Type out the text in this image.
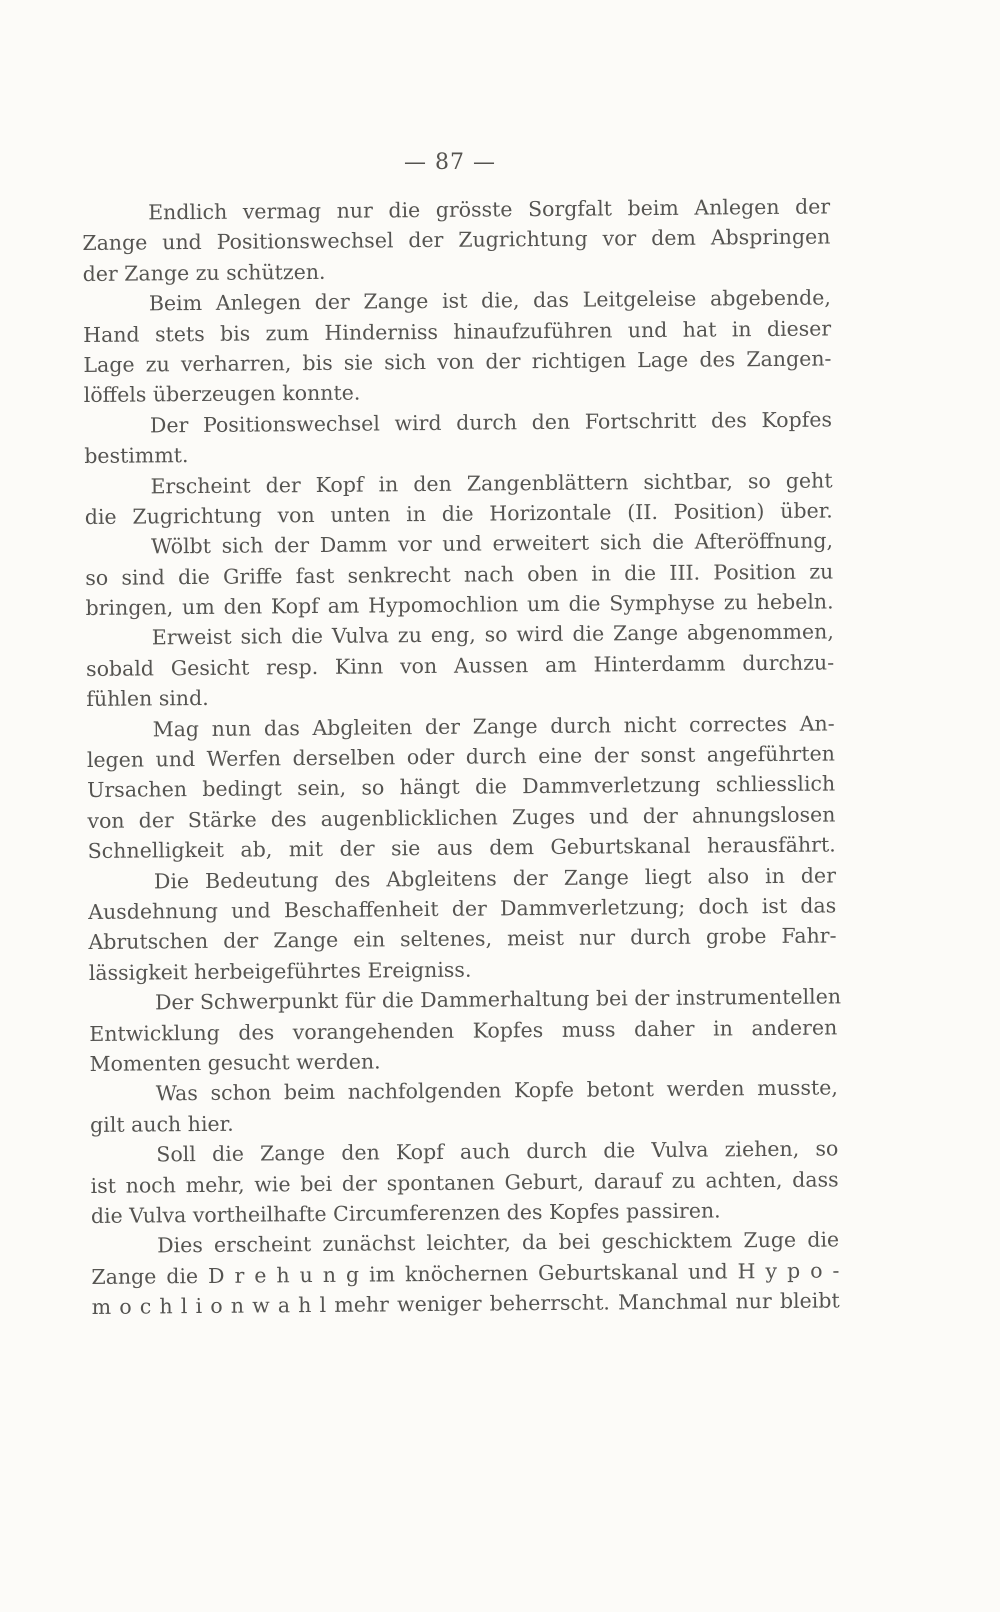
— 87 —
Endlich vermag nur die grösste Sorgfalt beim Anlegen der
Zange und Positionswechsel der Zugrichtung vor dem Abspringen
der Zange zu schützen.
Beim Anlegen der Zange ist die, das Leitgeleise abgebende,
Hand stets bis zum Hinderniss hinaufzuführen und hat in dieser
Lage zu verharren, bis sie sich von der richtigen Lage des Zangen-
löffels überzeugen konnte.
Der Positionswechsel wird durch den Fortschritt des Kopfes
bestimmt.
Erscheint der Kopf in den Zangenblättern sichtbar, so geht
die Zugrichtung von unten in die Horizontale (II. Position) über.
Wölbt sich der Damm vor und erweitert sich die Afteröffnung,
so sind die Griffe fast senkrecht nach oben in die III. Position zu
bringen, um den Kopf am Hypomochlion um die Symphyse zu hebeln.
Erweist sich die Vulva zu eng, so wird die Zange abgenommen,
sobald Gesicht resp. Kinn von Aussen am Hinterdamm durchzu-
fühlen sind.
Mag nun das Abgleiten der Zange durch nicht correctes An-
legen und Werfen derselben oder durch eine der sonst angeführten
Ursachen bedingt sein, so hängt die Dammverletzung schliesslich
von der Stärke des augenblicklichen Zuges und der ahnungslosen
Schnelligkeit ab, mit der sie aus dem Geburtskanal herausfährt.
Die Bedeutung des Abgleitens der Zange liegt also in der
Ausdehnung und Beschaffenheit der Dammverletzung; doch ist das
Abrutschen der Zange ein seltenes, meist nur durch grobe Fahr-
lässigkeit herbeigeführtes Ereigniss.
Der Schwerpunkt für die Dammerhaltung bei der instrumentellen
Entwicklung des vorangehenden Kopfes muss daher in anderen
Momenten gesucht werden.
Was schon beim nachfolgenden Kopfe betont werden musste,
gilt auch hier.
Soll die Zange den Kopf auch durch die Vulva ziehen, so
ist noch mehr, wie bei der spontanen Geburt, darauf zu achten, dass
die Vulva vortheilhafte Circumferenzen des Kopfes passiren.
Dies erscheint zunächst leichter, da bei geschicktem Zuge die
Zange die D r e h u n g im knöchernen Geburtskanal und H y p o -
m o c h l i o n w a h l mehr weniger beherrscht. Manchmal nur bleibt
